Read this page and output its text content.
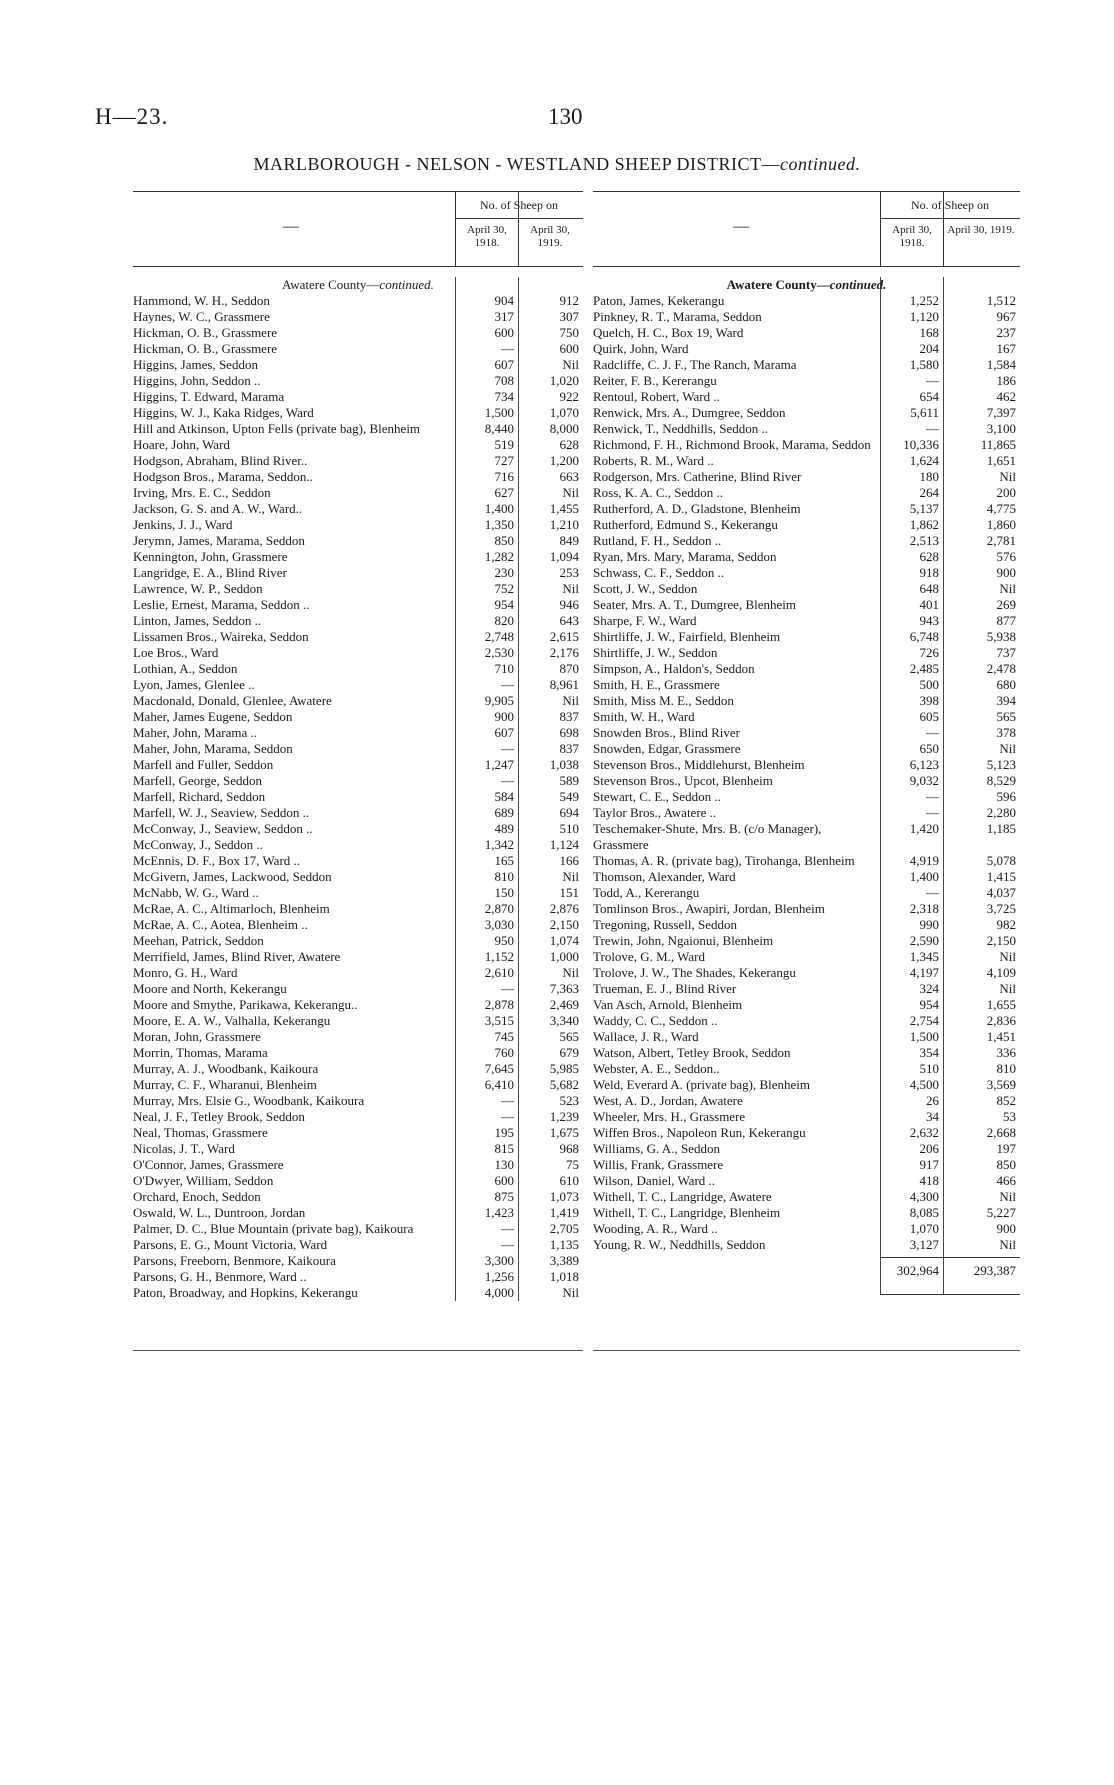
H—23.	130
MARLBOROUGH - NELSON - WESTLAND SHEEP DISTRICT—continued.
—
No. of Sheep on
April 30, 1918.
April 30, 1919.
Awatere County—continued.
Hammond, W. H., Seddon	904	912
Haynes, W. C., Grassmere	317	307
Hickman, O. B., Grassmere	600	750
Hickman, O. B., Grassmere	—	600
Higgins, James, Seddon	607	Nil
Higgins, John, Seddon ..	708	1,020
Higgins, T. Edward, Marama	734	922
Higgins, W. J., Kaka Ridges, Ward	1,500	1,070
Hill and Atkinson, Upton Fells (private bag), Blenheim	8,440	8,000
Hoare, John, Ward	519	628
Hodgson, Abraham, Blind River..	727	1,200
Hodgson Bros., Marama, Seddon..	716	663
Irving, Mrs. E. C., Seddon	627	Nil
Jackson, G. S. and A. W., Ward..	1,400	1,455
Jenkins, J. J., Ward	1,350	1,210
Jerymn, James, Marama, Seddon	850	849
Kennington, John, Grassmere	1,282	1,094
Langridge, E. A., Blind River	230	253
Lawrence, W. P., Seddon	752	Nil
Leslie, Ernest, Marama, Seddon ..	954	946
Linton, James, Seddon ..	820	643
Lissamen Bros., Waireka, Seddon	2,748	2,615
Loe Bros., Ward	2,530	2,176
Lothian, A., Seddon	710	870
Lyon, James, Glenlee ..	—	8,961
Macdonald, Donald, Glenlee, Awatere	9,905	Nil
Maher, James Eugene, Seddon	900	837
Maher, John, Marama ..	607	698
Maher, John, Marama, Seddon	—	837
Marfell and Fuller, Seddon	1,247	1,038
Marfell, George, Seddon	—	589
Marfell, Richard, Seddon	584	549
Marfell, W. J., Seaview, Seddon ..	689	694
McConway, J., Seaview, Seddon ..	489	510
McConway, J., Seddon ..	1,342	1,124
McEnnis, D. F., Box 17, Ward ..	165	166
McGivern, James, Lackwood, Seddon	810	Nil
McNabb, W. G., Ward ..	150	151
McRae, A. C., Altimarloch, Blenheim	2,870	2,876
McRae, A. C., Aotea, Blenheim ..	3,030	2,150
Meehan, Patrick, Seddon	950	1,074
Merrifield, James, Blind River, Awatere	1,152	1,000
Monro, G. H., Ward	2,610	Nil
Moore and North, Kekerangu	—	7,363
Moore and Smythe, Parikawa, Kekerangu..	2,878	2,469
Moore, E. A. W., Valhalla, Kekerangu	3,515	3,340
Moran, John, Grassmere	745	565
Morrin, Thomas, Marama	760	679
Murray, A. J., Woodbank, Kaikoura	7,645	5,985
Murray, C. F., Wharanui, Blenheim	6,410	5,682
Murray, Mrs. Elsie G., Woodbank, Kaikoura	—	523
Neal, J. F., Tetley Brook, Seddon	—	1,239
Neal, Thomas, Grassmere	195	1,675
Nicolas, J. T., Ward	815	968
O'Connor, James, Grassmere	130	75
O'Dwyer, William, Seddon	600	610
Orchard, Enoch, Seddon	875	1,073
Oswald, W. L., Duntroon, Jordan	1,423	1,419
Palmer, D. C., Blue Mountain (private bag), Kaikoura	—	2,705
Parsons, E. G., Mount Victoria, Ward	—	1,135
Parsons, Freeborn, Benmore, Kaikoura	3,300	3,389
Parsons, G. H., Benmore, Ward ..	1,256	1,018
Paton, Broadway, and Hopkins, Kekerangu	4,000	Nil
—
No. of Sheep on
April 30, 1918.
April 30, 1919.
Awatere County—continued.
Paton, James, Kekerangu	1,252	1,512
Pinkney, R. T., Marama, Seddon	1,120	967
Quelch, H. C., Box 19, Ward	168	237
Quirk, John, Ward	204	167
Radcliffe, C. J. F., The Ranch, Marama	1,580	1,584
Reiter, F. B., Kererangu	—	186
Rentoul, Robert, Ward ..	654	462
Renwick, Mrs. A., Dumgree, Seddon	5,611	7,397
Renwick, T., Neddhills, Seddon ..	—	3,100
Richmond, F. H., Richmond Brook, Marama, Seddon	10,336	11,865
Roberts, R. M., Ward ..	1,624	1,651
Rodgerson, Mrs. Catherine, Blind River	180	Nil
Ross, K. A. C., Seddon ..	264	200
Rutherford, A. D., Gladstone, Blenheim	5,137	4,775
Rutherford, Edmund S., Kekerangu	1,862	1,860
Rutland, F. H., Seddon ..	2,513	2,781
Ryan, Mrs. Mary, Marama, Seddon	628	576
Schwass, C. F., Seddon ..	918	900
Scott, J. W., Seddon	648	Nil
Seater, Mrs. A. T., Dumgree, Blenheim	401	269
Sharpe, F. W., Ward	943	877
Shirtliffe, J. W., Fairfield, Blenheim	6,748	5,938
Shirtliffe, J. W., Seddon	726	737
Simpson, A., Haldon's, Seddon	2,485	2,478
Smith, H. E., Grassmere	500	680
Smith, Miss M. E., Seddon	398	394
Smith, W. H., Ward	605	565
Snowden Bros., Blind River	—	378
Snowden, Edgar, Grassmere	650	Nil
Stevenson Bros., Middlehurst, Blenheim	6,123	5,123
Stevenson Bros., Upcot, Blenheim	9,032	8,529
Stewart, C. E., Seddon ..	—	596
Taylor Bros., Awatere ..	—	2,280
Teschemaker-Shute, Mrs. B. (c/o Manager), Grassmere
1,420	1,185
Thomas, A. R. (private bag), Tirohanga, Blenheim	4,919	5,078
Thomson, Alexander, Ward	1,400	1,415
Todd, A., Kererangu	—	4,037
Tomlinson Bros., Awapiri, Jordan, Blenheim	2,318	3,725
Tregoning, Russell, Seddon	990	982
Trewin, John, Ngaionui, Blenheim	2,590	2,150
Trolove, G. M., Ward	1,345	Nil
Trolove, J. W., The Shades, Kekerangu	4,197	4,109
Trueman, E. J., Blind River	324	Nil
Van Asch, Arnold, Blenheim	954	1,655
Waddy, C. C., Seddon ..	2,754	2,836
Wallace, J. R., Ward	1,500	1,451
Watson, Albert, Tetley Brook, Seddon	354	336
Webster, A. E., Seddon..	510	810
Weld, Everard A. (private bag), Blenheim	4,500	3,569
West, A. D., Jordan, Awatere	26	852
Wheeler, Mrs. H., Grassmere	34	53
Wiffen Bros., Napoleon Run, Kekerangu	2,632	2,668
Williams, G. A., Seddon	206	197
Willis, Frank, Grassmere	917	850
Wilson, Daniel, Ward ..	418	466
Withell, T. C., Langridge, Awatere	4,300	Nil
Withell, T. C., Langridge, Blenheim	8,085	5,227
Wooding, A. R., Ward ..	1,070	900
Young, R. W., Neddhills, Seddon	3,127	Nil
302,964	293,387
